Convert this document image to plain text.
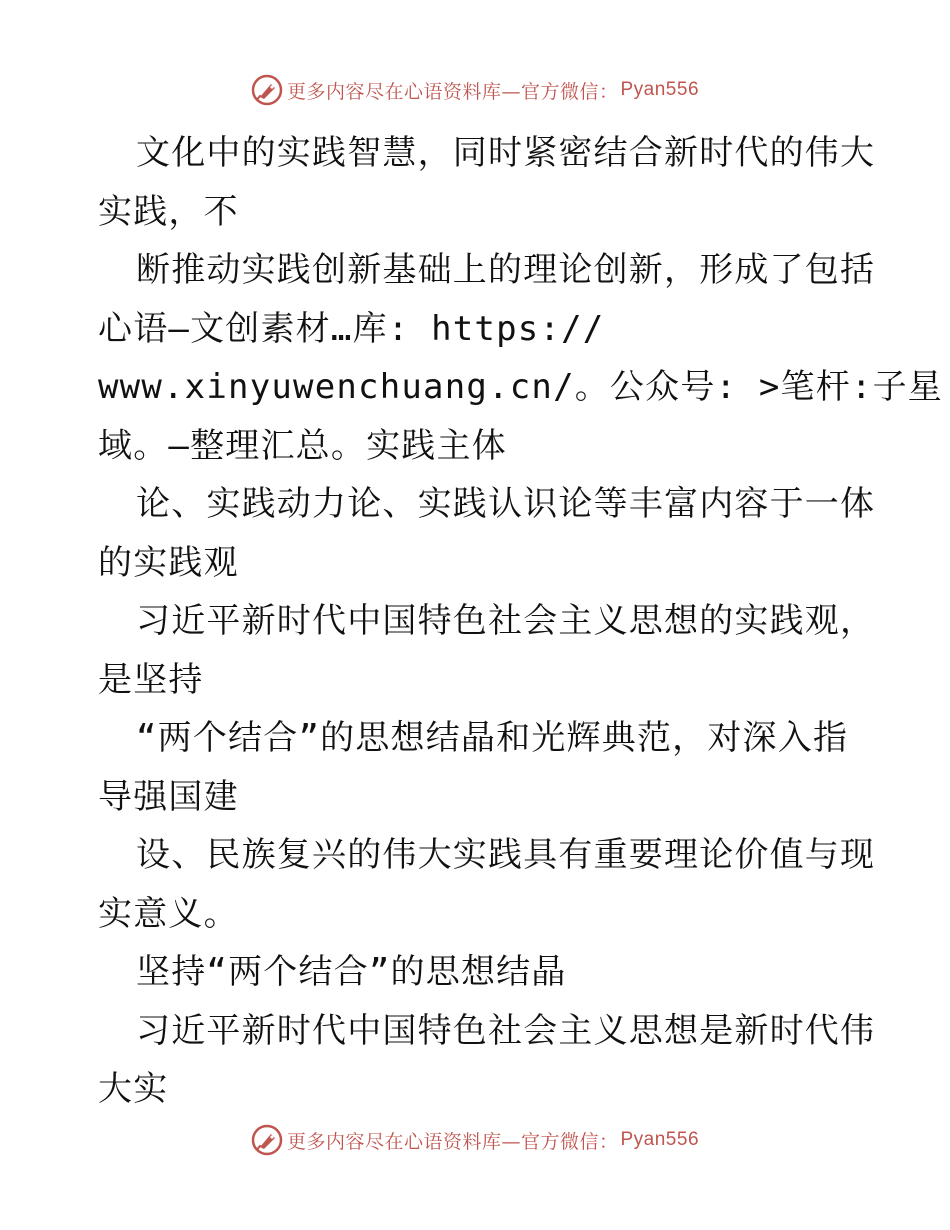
更多内容尽在心语资料库—官方微信： Pyan556
文化中的实践智慧，同时紧密结合新时代的伟大
实践，不
断推动实践创新基础上的理论创新，形成了包括
心语—文创素材…库: https://
www.xinyuwenchuang.cn/。公众号: >笔杆:子星
域。—整理汇总。实践主体
论、实践动力论、实践认识论等丰富内容于一体
的实践观
习近平新时代中国特色社会主义思想的实践观，
是坚持
“两个结合”的思想结晶和光辉典范，对深入指
导强国建
设、民族复兴的伟大实践具有重要理论价值与现
实意义。
坚持“两个结合”的思想结晶
习近平新时代中国特色社会主义思想是新时代伟
大实
更多内容尽在心语资料库—官方微信： Pyan556
